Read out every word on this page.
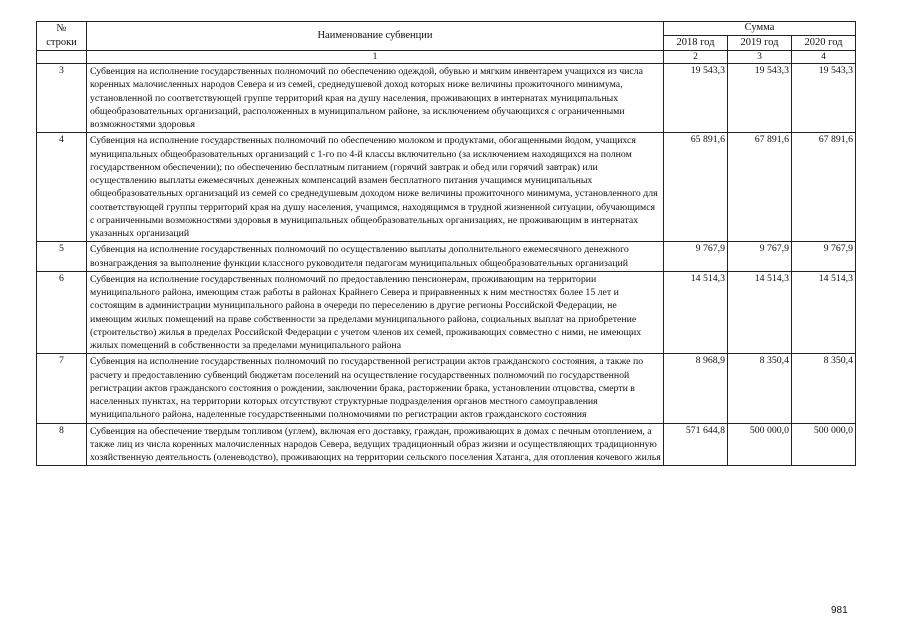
№
строки	Наименование субвенции	Сумма		
		2018 год	2019 год	2020 год
	1	2	3	4
3	Субвенция на исполнение государственных полномочий по обеспечению одеждой, обувью и мягким инвентарем учащихся из числа коренных малочисленных народов Севера и из семей, среднедушевой доход которых ниже величины прожиточного минимума, установленной по соответствующей группе территорий края на душу населения, проживающих в интернатах муниципальных общеобразовательных организаций, расположенных в муниципальном районе, за исключением обучающихся с ограниченными возможностями здоровья	19 543,3	19 543,3	19 543,3
4	Субвенция на исполнение государственных полномочий по обеспечению молоком и продуктами, обогащенными йодом, учащихся муниципальных общеобразовательных организаций с 1-го по 4-й классы включительно (за исключением находящихся на полном государственном обеспечении); по обеспечению бесплатным питанием (горячий завтрак и обед или горячий завтрак) или осуществлению выплаты ежемесячных денежных компенсаций взамен бесплатного питания учащимся муниципальных общеобразовательных организаций из семей со среднедушевым доходом ниже величины прожиточного минимума, установленного для соответствующей группы территорий края на душу населения, учащимся, находящимся в трудной жизненной ситуации, обучающимся с ограниченными возможностями здоровья в муниципальных общеобразовательных организациях, не проживающим в интернатах указанных организаций	65 891,6	67 891,6	67 891,6
5	Субвенция на исполнение государственных полномочий по осуществлению выплаты дополнительного ежемесячного денежного вознаграждения за выполнение функции классного руководителя педагогам муниципальных общеобразовательных организаций	9 767,9	9 767,9	9 767,9
6	Субвенция на исполнение государственных полномочий по предоставлению пенсионерам, проживающим на территории муниципального района, имеющим стаж работы в районах Крайнего Севера и приравненных к ним местностях более 15 лет и состоящим в администрации муниципального района в очереди по переселению в другие регионы Российской Федерации, не имеющим жилых помещений на праве собственности за пределами муниципального района, социальных выплат на приобретение (строительство) жилья в пределах Российской Федерации с учетом членов их семей, проживающих совместно с ними, не имеющих жилых помещений в собственности за пределами муниципального района	14 514,3	14 514,3	14 514,3
7	Субвенция на исполнение государственных полномочий по государственной регистрации актов гражданского состояния, а также по расчету и предоставлению субвенций бюджетам поселений на осуществление государственных полномочий по государственной регистрации актов гражданского состояния о рождении, заключении брака, расторжении брака, установлении отцовства, смерти в населенных пунктах, на территории которых отсутствуют структурные подразделения органов местного самоуправления муниципального района, наделенные государственными полномочиями по регистрации актов гражданского состояния	8 968,9	8 350,4	8 350,4
8	Субвенция на обеспечение твердым топливом (углем), включая его доставку, граждан, проживающих в домах с печным отоплением, а также лиц из числа коренных малочисленных народов Севера, ведущих традиционный образ жизни и осуществляющих традиционную хозяйственную деятельность (оленеводство), проживающих на территории сельского поселения Хатанга, для отопления кочевого жилья	571 644,8	500 000,0	500 000,0
981
